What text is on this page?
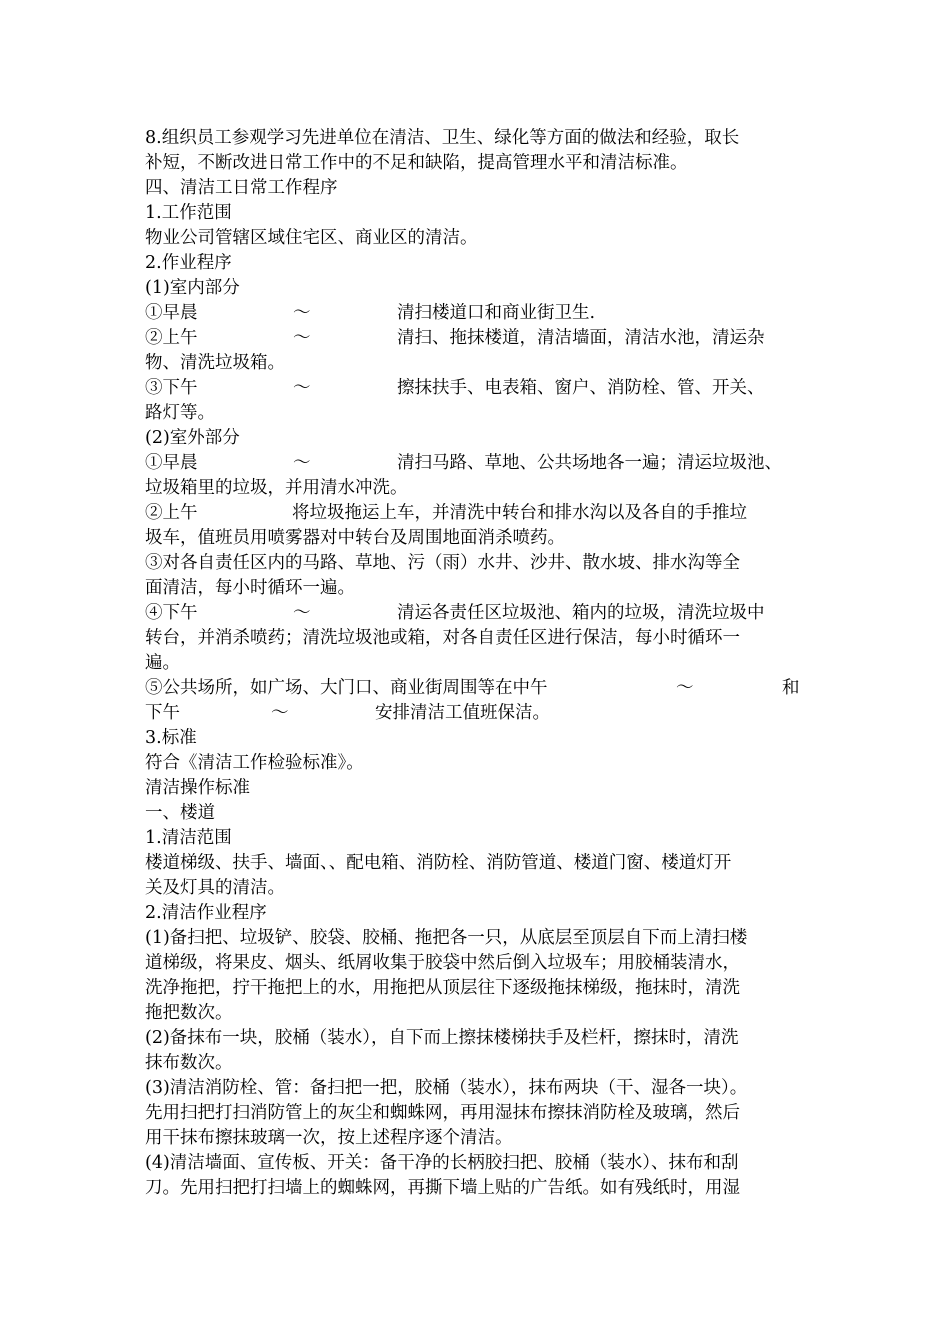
8.组织员工参观学习先进单位在清洁、卫生、绿化等方面的做法和经验，取长
补短，不断改进日常工作中的不足和缺陷，提高管理水平和清洁标准。
四、清洁工日常工作程序
1.工作范围
物业公司管辖区域住宅区、商业区的清洁。
2.作业程序
(1)室内部分
①早晨	～	清扫楼道口和商业街卫生.
②上午	～	清扫、拖抹楼道，清洁墙面，清洁水池，清运杂
物、清洗垃圾箱。
③下午	～	擦抹扶手、电表箱、窗户、消防栓、管、开关、
路灯等。
(2)室外部分
①早晨	～	清扫马路、草地、公共场地各一遍；清运垃圾池、
垃圾箱里的垃圾，并用清水冲洗。
②上午	将垃圾拖运上车，并清洗中转台和排水沟以及各自的手推垃
圾车，值班员用喷雾器对中转台及周围地面消杀喷药。
③对各自责任区内的马路、草地、污（雨）水井、沙井、散水坡、排水沟等全
面清洁，每小时循环一遍。
④下午	～	清运各责任区垃圾池、箱内的垃圾，清洗垃圾中
转台，并消杀喷药；清洗垃圾池或箱，对各自责任区进行保洁，每小时循环一
遍。
⑤公共场所，如广场、大门口、商业街周围等在中午	～	和
下午	～	安排清洁工值班保洁。
3.标准
符合《清洁工作检验标准》。
清洁操作标准
一、楼道
1.清洁范围
楼道梯级、扶手、墙面、、配电箱、消防栓、消防管道、楼道门窗、楼道灯开
关及灯具的清洁。
2.清洁作业程序
(1)备扫把、垃圾铲、胶袋、胶桶、拖把各一只，从底层至顶层自下而上清扫楼
道梯级，将果皮、烟头、纸屑收集于胶袋中然后倒入垃圾车；用胶桶装清水，
洗净拖把，拧干拖把上的水，用拖把从顶层往下逐级拖抹梯级，拖抹时，清洗
拖把数次。
(2)备抹布一块，胶桶（装水），自下而上擦抹楼梯扶手及栏杆，擦抹时，清洗
抹布数次。
(3)清洁消防栓、管：备扫把一把，胶桶（装水），抹布两块（干、湿各一块）。
先用扫把打扫消防管上的灰尘和蜘蛛网，再用湿抹布擦抹消防栓及玻璃，然后
用干抹布擦抹玻璃一次，按上述程序逐个清洁。
(4)清洁墙面、宣传板、开关：备干净的长柄胶扫把、胶桶（装水）、抹布和刮
刀。先用扫把打扫墙上的蜘蛛网，再撕下墙上贴的广告纸。如有残纸时，用湿
